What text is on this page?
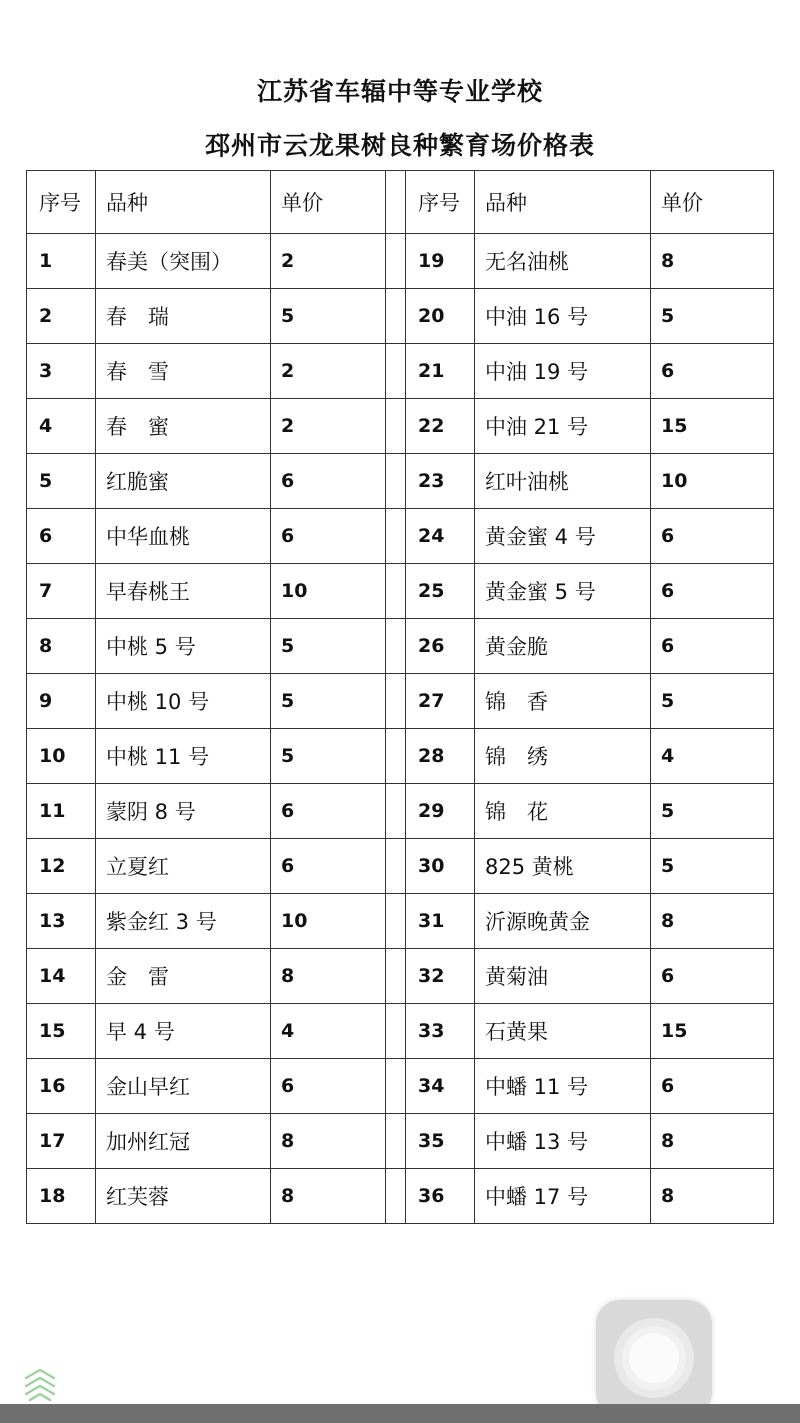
江苏省车辐中等专业学校
邳州市云龙果树良种繁育场价格表
序号	品种	单价		序号	品种	单价
1	春美（突围）	2		19	无名油桃	8
2	春　瑞	5		20	中油 16 号	5
3	春　雪	2		21	中油 19 号	6
4	春　蜜	2		22	中油 21 号	15
5	红脆蜜	6		23	红叶油桃	10
6	中华血桃	6		24	黄金蜜 4 号	6
7	早春桃王	10		25	黄金蜜 5 号	6
8	中桃 5 号	5		26	黄金脆	6
9	中桃 10 号	5		27	锦　香	5
10	中桃 11 号	5		28	锦　绣	4
11	蒙阴 8 号	6		29	锦　花	5
12	立夏红	6		30	825 黄桃	5
13	紫金红 3 号	10		31	沂源晚黄金	8
14	金　雷	8		32	黄菊油	6
15	早 4 号	4		33	石黄果	15
16	金山早红	6		34	中蟠 11 号	6
17	加州红冠	8		35	中蟠 13 号	8
18	红芙蓉	8		36	中蟠 17 号	8
